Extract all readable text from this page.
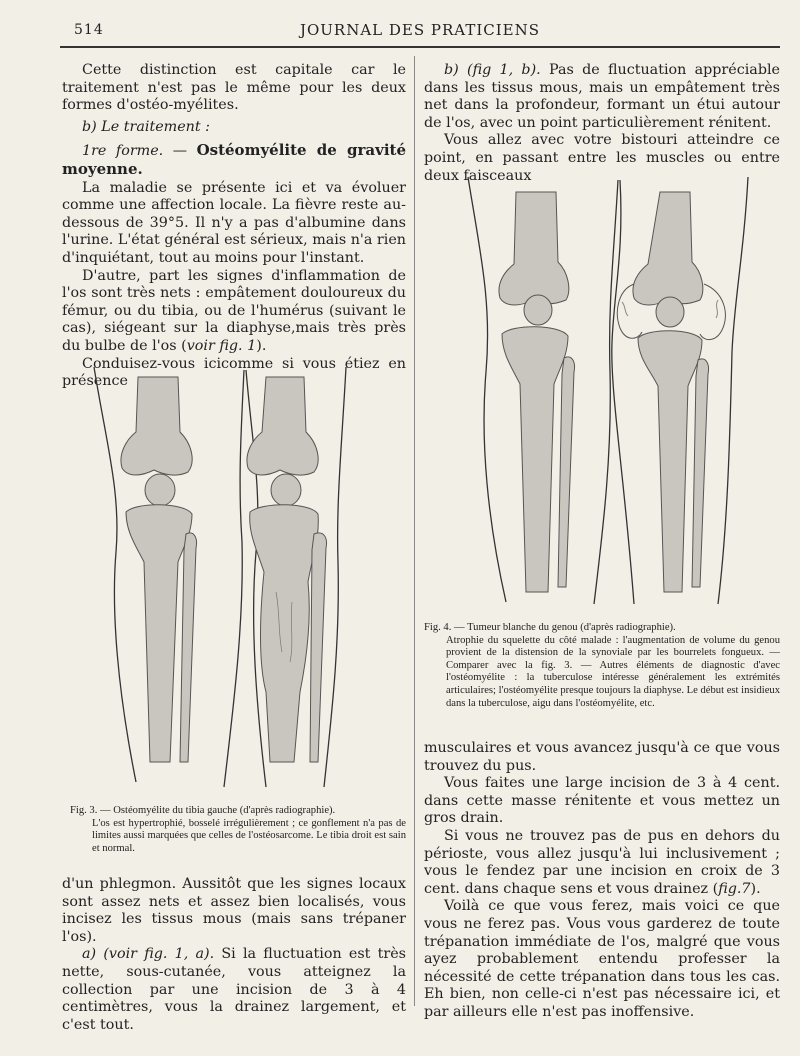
514	JOURNAL DES PRATICIENS

Cette distinction est capitale car le traitement n'est pas le même pour les deux formes d'ostéo-myélites.

b) Le traitement :

1re forme. — Ostéomyélite de gravité moyenne.

La maladie se présente ici et va évoluer comme une affection locale. La fièvre reste au-dessous de 39°5. Il n'y a pas d'albumine dans l'urine. L'état général est sérieux, mais n'a rien d'inquiétant, tout au moins pour l'instant.

D'autre, part les signes d'inflammation de l'os sont très nets : empâtement douloureux du fémur, ou du tibia, ou de l'humérus (suivant le cas), siégeant sur la diaphyse,mais très près du bulbe de l'os (voir fig. 1).

Conduisez-vous icicomme si vous étiez en présence

Fig. 3. — Ostéomyélite du tibia gauche (d'après radiographie).
L'os est hypertrophié, bosselé irrégulièrement ; ce gonflement n'a pas de limites aussi marquées que celles de l'ostéosarcome. Le tibia droit est sain et normal.

d'un phlegmon. Aussitôt que les signes locaux sont assez nets et assez bien localisés, vous incisez les tissus mous (mais sans trépaner l'os).

a) (voir fig. 1, a). Si la fluctuation est très nette, sous-cutanée, vous atteignez la collection par une incision de 3 à 4 centimètres, vous la drainez largement, et c'est tout.

b) (fig 1, b). Pas de fluctuation appréciable dans les tissus mous, mais un empâtement très net dans la profondeur, formant un étui autour de l'os, avec un point particulièrement rénitent.

Vous allez avec votre bistouri atteindre ce point, en passant entre les muscles ou entre deux faisceaux

Fig. 4. — Tumeur blanche du genou (d'après radiographie).
Atrophie du squelette du côté malade : l'augmentation de volume du genou provient de la distension de la synoviale par les bourrelets fongueux. — Comparer avec la fig. 3. — Autres éléments de diagnostic d'avec l'ostéomyélite : la tuberculose intéresse généralement les extrémités articulaires; l'ostéomyélite presque toujours la diaphyse. Le début est insidieux dans la tuberculose, aigu dans l'ostéomyélite, etc.

musculaires et vous avancez jusqu'à ce que vous trouvez du pus.

Vous faites une large incision de 3 à 4 cent. dans cette masse rénitente et vous mettez un gros drain.

Si vous ne trouvez pas de pus en dehors du périoste, vous allez jusqu'à lui inclusivement ; vous le fendez par une incision en croix de 3 cent. dans chaque sens et vous drainez (fig.7).

Voilà ce que vous ferez, mais voici ce que vous ne ferez pas. Vous vous garderez de toute trépanation immédiate de l'os, malgré que vous ayez probablement entendu professer la nécessité de cette trépanation dans tous les cas. Eh bien, non celle-ci n'est pas nécessaire ici, et par ailleurs elle n'est pas inoffensive.
